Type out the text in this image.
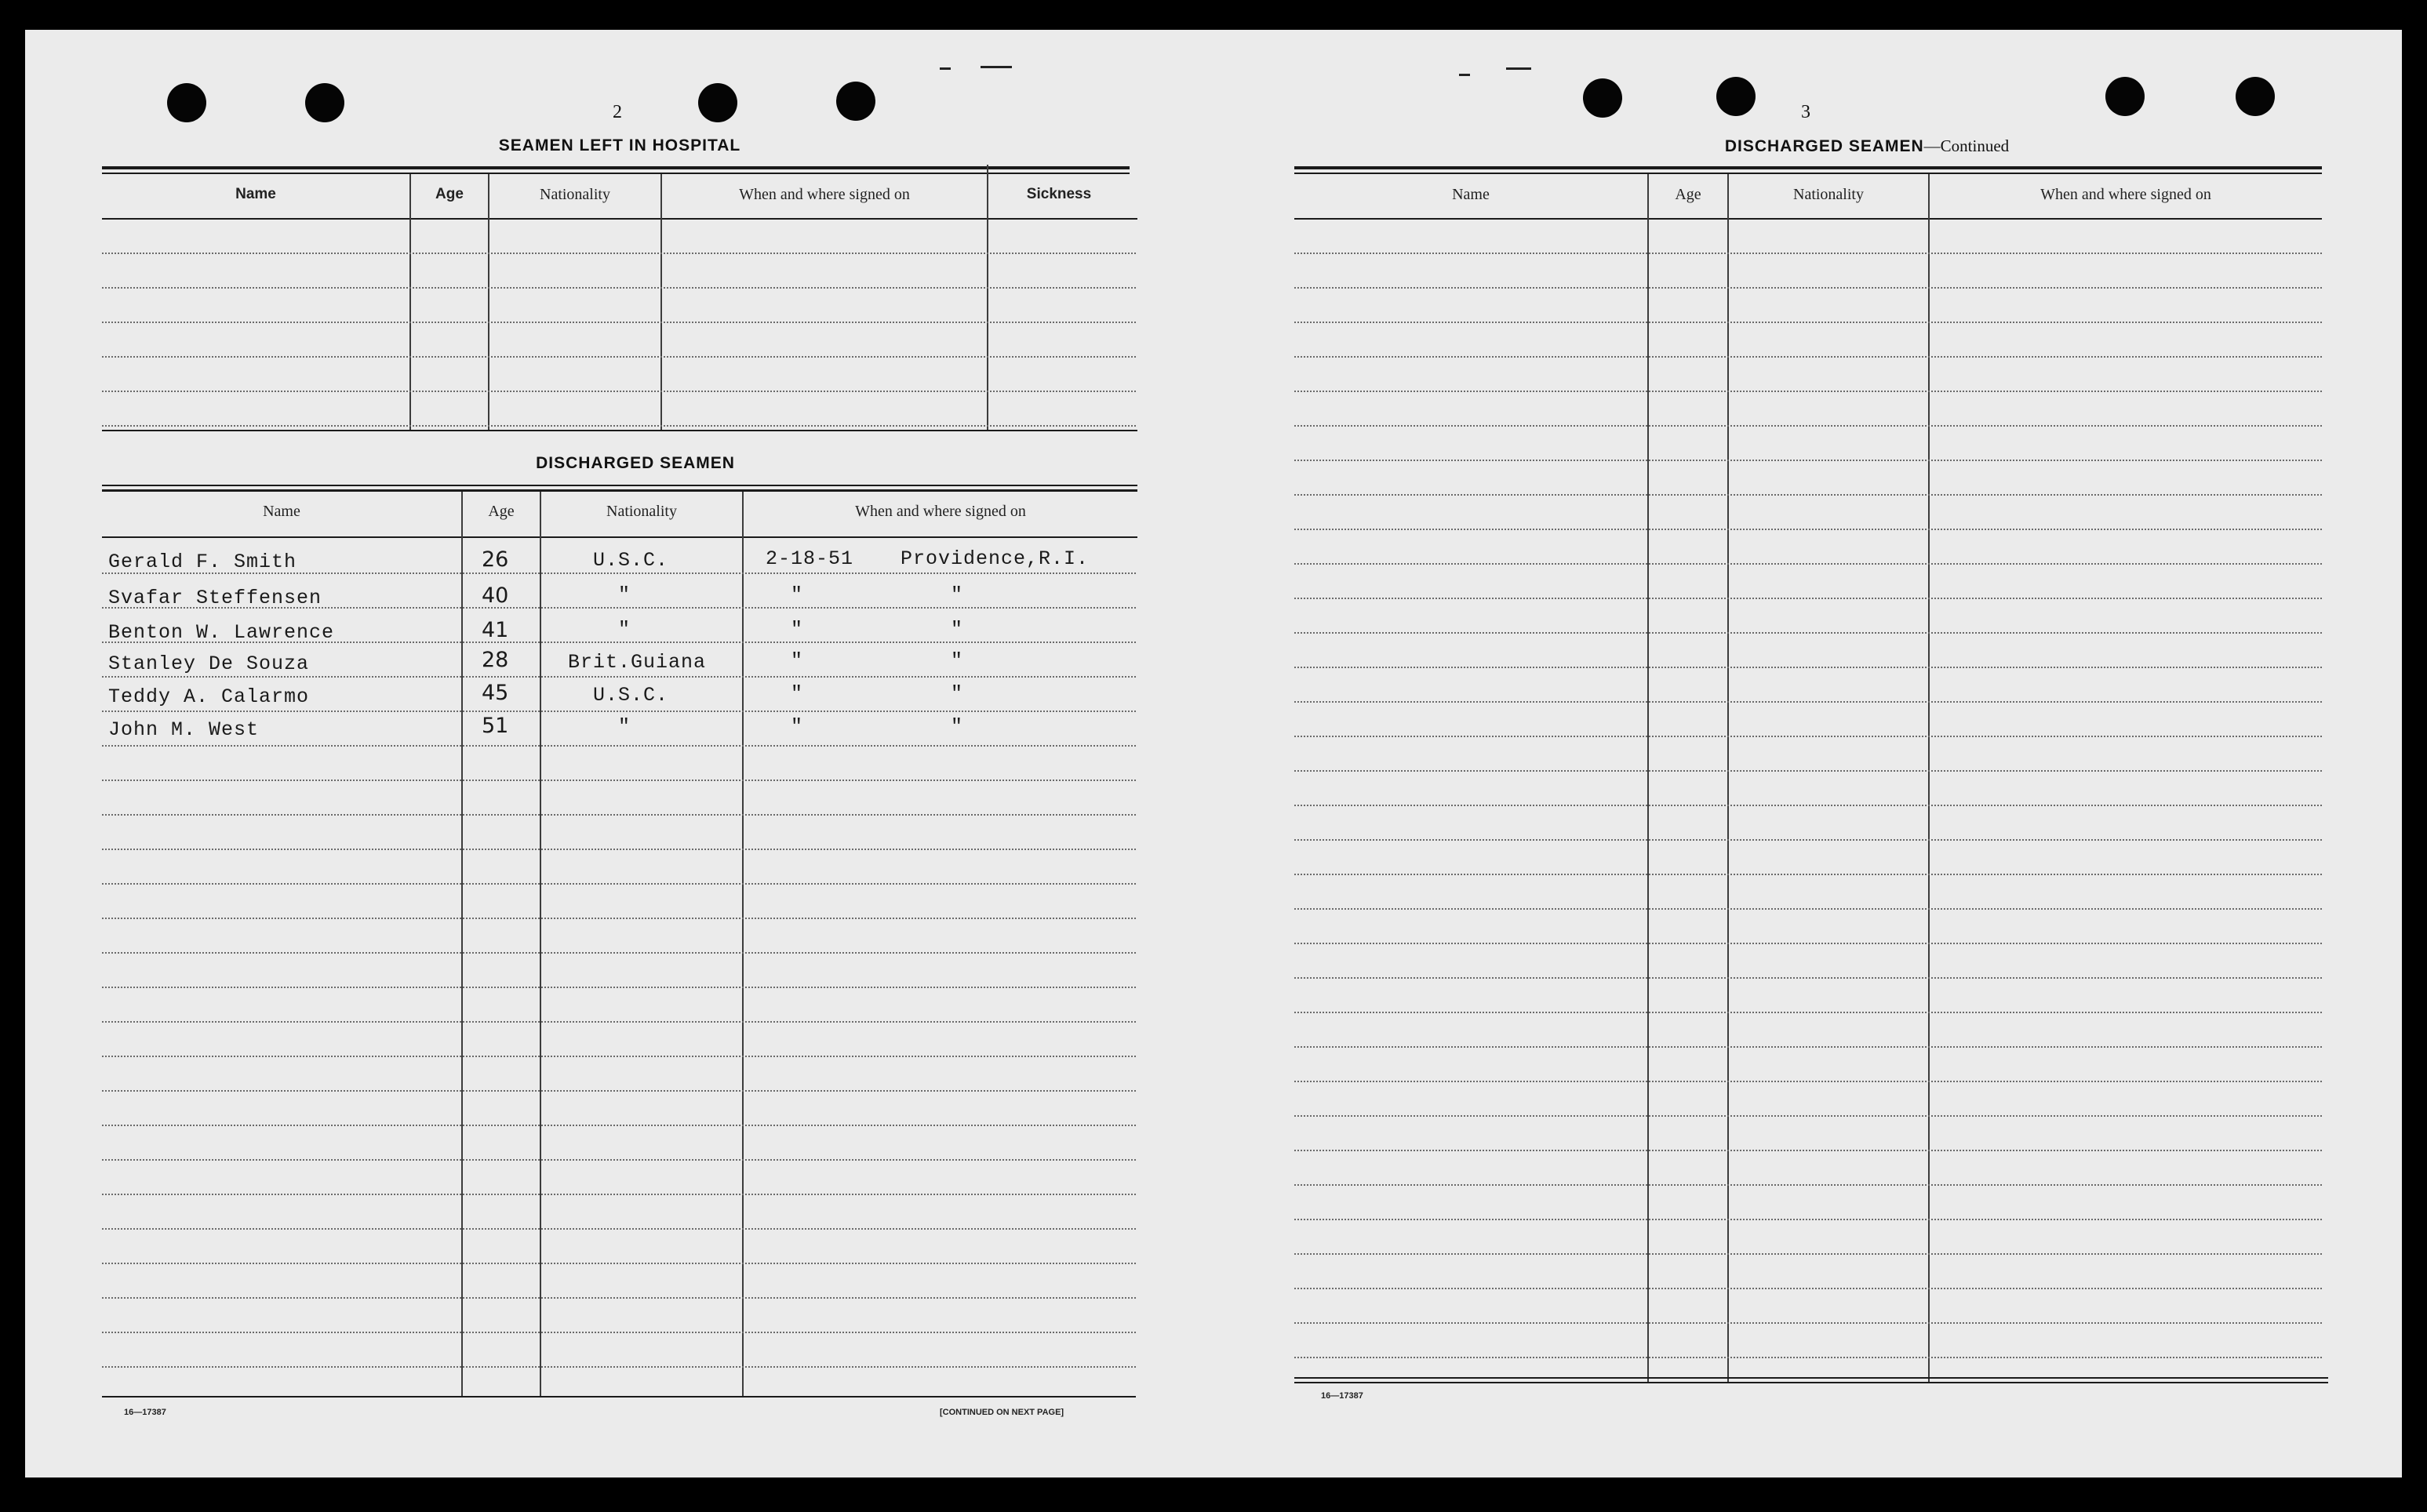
2
SEAMEN LEFT IN HOSPITAL
Name	Age	Nationality	When and where signed on	Sickness
DISCHARGED SEAMEN
Name	Age	Nationality	When and where signed on
Gerald F. Smith	26	U.S.C.	2-18-51 Providence,R.I.
Svafar Steffensen	40	"	"	"
Benton W. Lawrence	41	"	"	"
Stanley De Souza	28	Brit.Guiana	"	"
Teddy A. Calarmo	45	U.S.C.	"	"
John M. West	51	"	"	"
16—17387	[CONTINUED ON NEXT PAGE]
3
DISCHARGED SEAMEN—Continued
Name	Age	Nationality	When and where signed on
16—17387
